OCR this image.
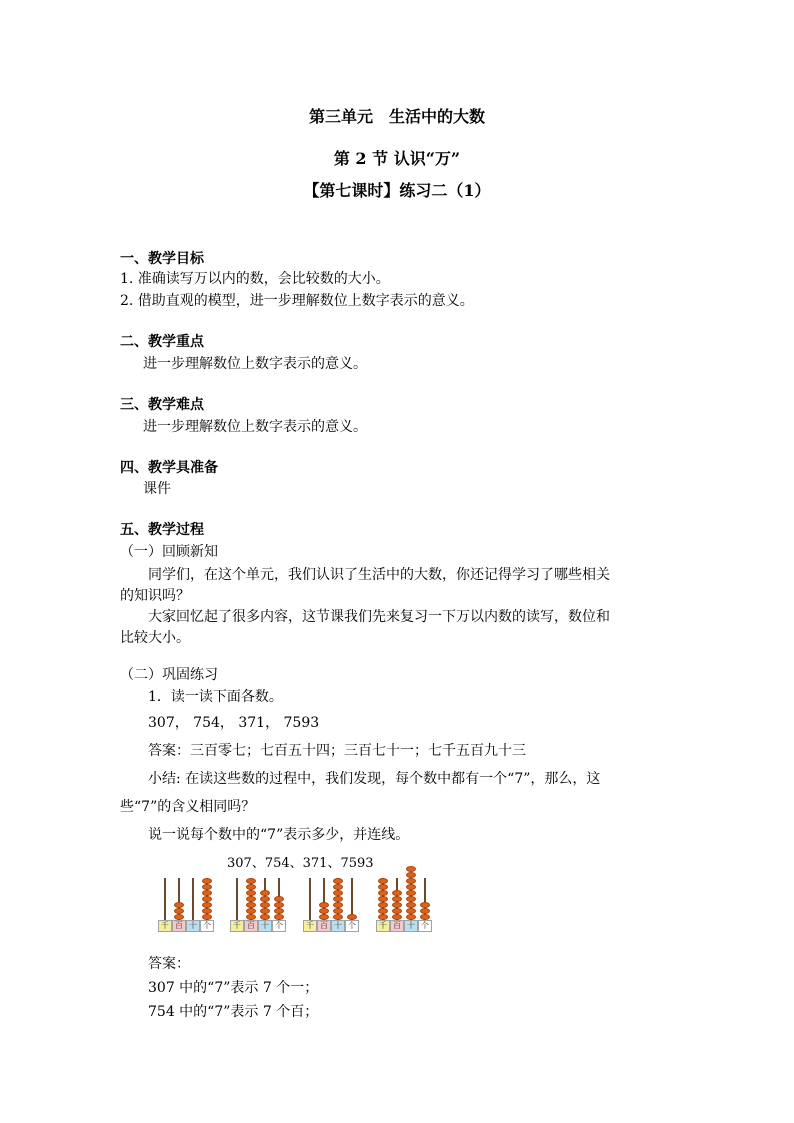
第三单元　生活中的大数
第 2 节 认识“万”
【第七课时】练习二（1）
一、教学目标
1. 准确读写万以内的数，会比较数的大小。
2. 借助直观的模型，进一步理解数位上数字表示的意义。
二、教学重点
进一步理解数位上数字表示的意义。
三、教学难点
进一步理解数位上数字表示的意义。
四、教学具准备
课件
五、教学过程
（一）回顾新知
同学们，在这个单元，我们认识了生活中的大数，你还记得学习了哪些相关
的知识吗？
大家回忆起了很多内容，这节课我们先来复习一下万以内数的读写，数位和
比较大小。
（二）巩固练习
1．读一读下面各数。
307， 754， 371， 7593
答案：三百零七；七百五十四；三百七十一；七千五百九十三
小结: 在读这些数的过程中，我们发现，每个数中都有一个“7”，那么，这
些“7”的含义相同吗？
说一说每个数中的“7”表示多少，并连线。
307、754、371、7593
千 百 十 个	千 百 十 个	千 百 十 个	千 百 十 个
答案：
307 中的“7”表示 7 个一；
754 中的“7”表示 7 个百；
